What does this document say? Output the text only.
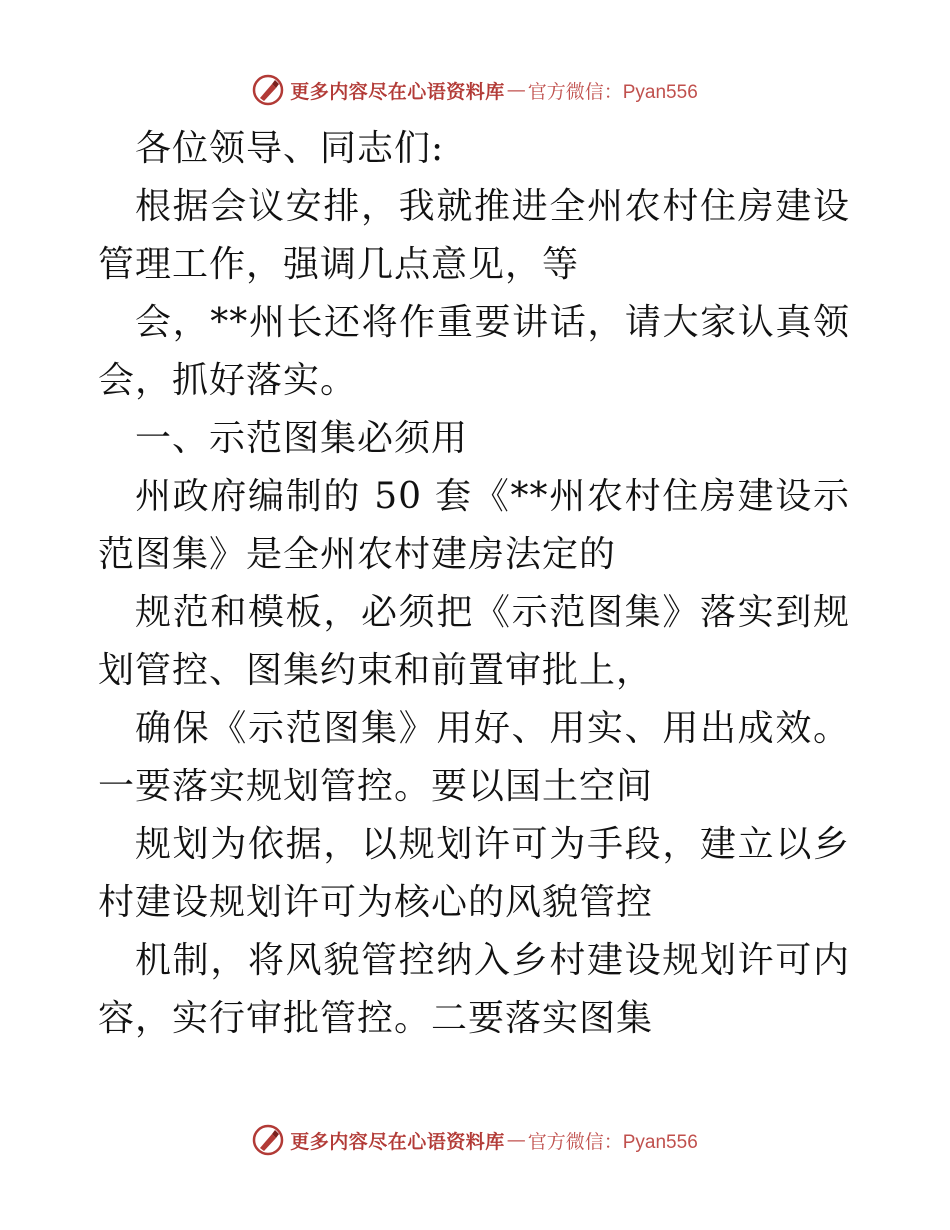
更多内容尽在心语资料库 — 官方微信：Pyan556

各位领导、同志们:

根据会议安排，我就推进全州农村住房建设管理工作，强调几点意见，等

会，**州长还将作重要讲话，请大家认真领会，抓好落实。

一、示范图集必须用

州政府编制的 50 套《**州农村住房建设示范图集》是全州农村建房法定的

规范和模板，必须把《示范图集》落实到规划管控、图集约束和前置审批上，

确保《示范图集》用好、用实、用出成效。一要落实规划管控。要以国土空间

规划为依据，以规划许可为手段，建立以乡村建设规划许可为核心的风貌管控

机制，将风貌管控纳入乡村建设规划许可内容，实行审批管控。二要落实图集

更多内容尽在心语资料库 — 官方微信：Pyan556
